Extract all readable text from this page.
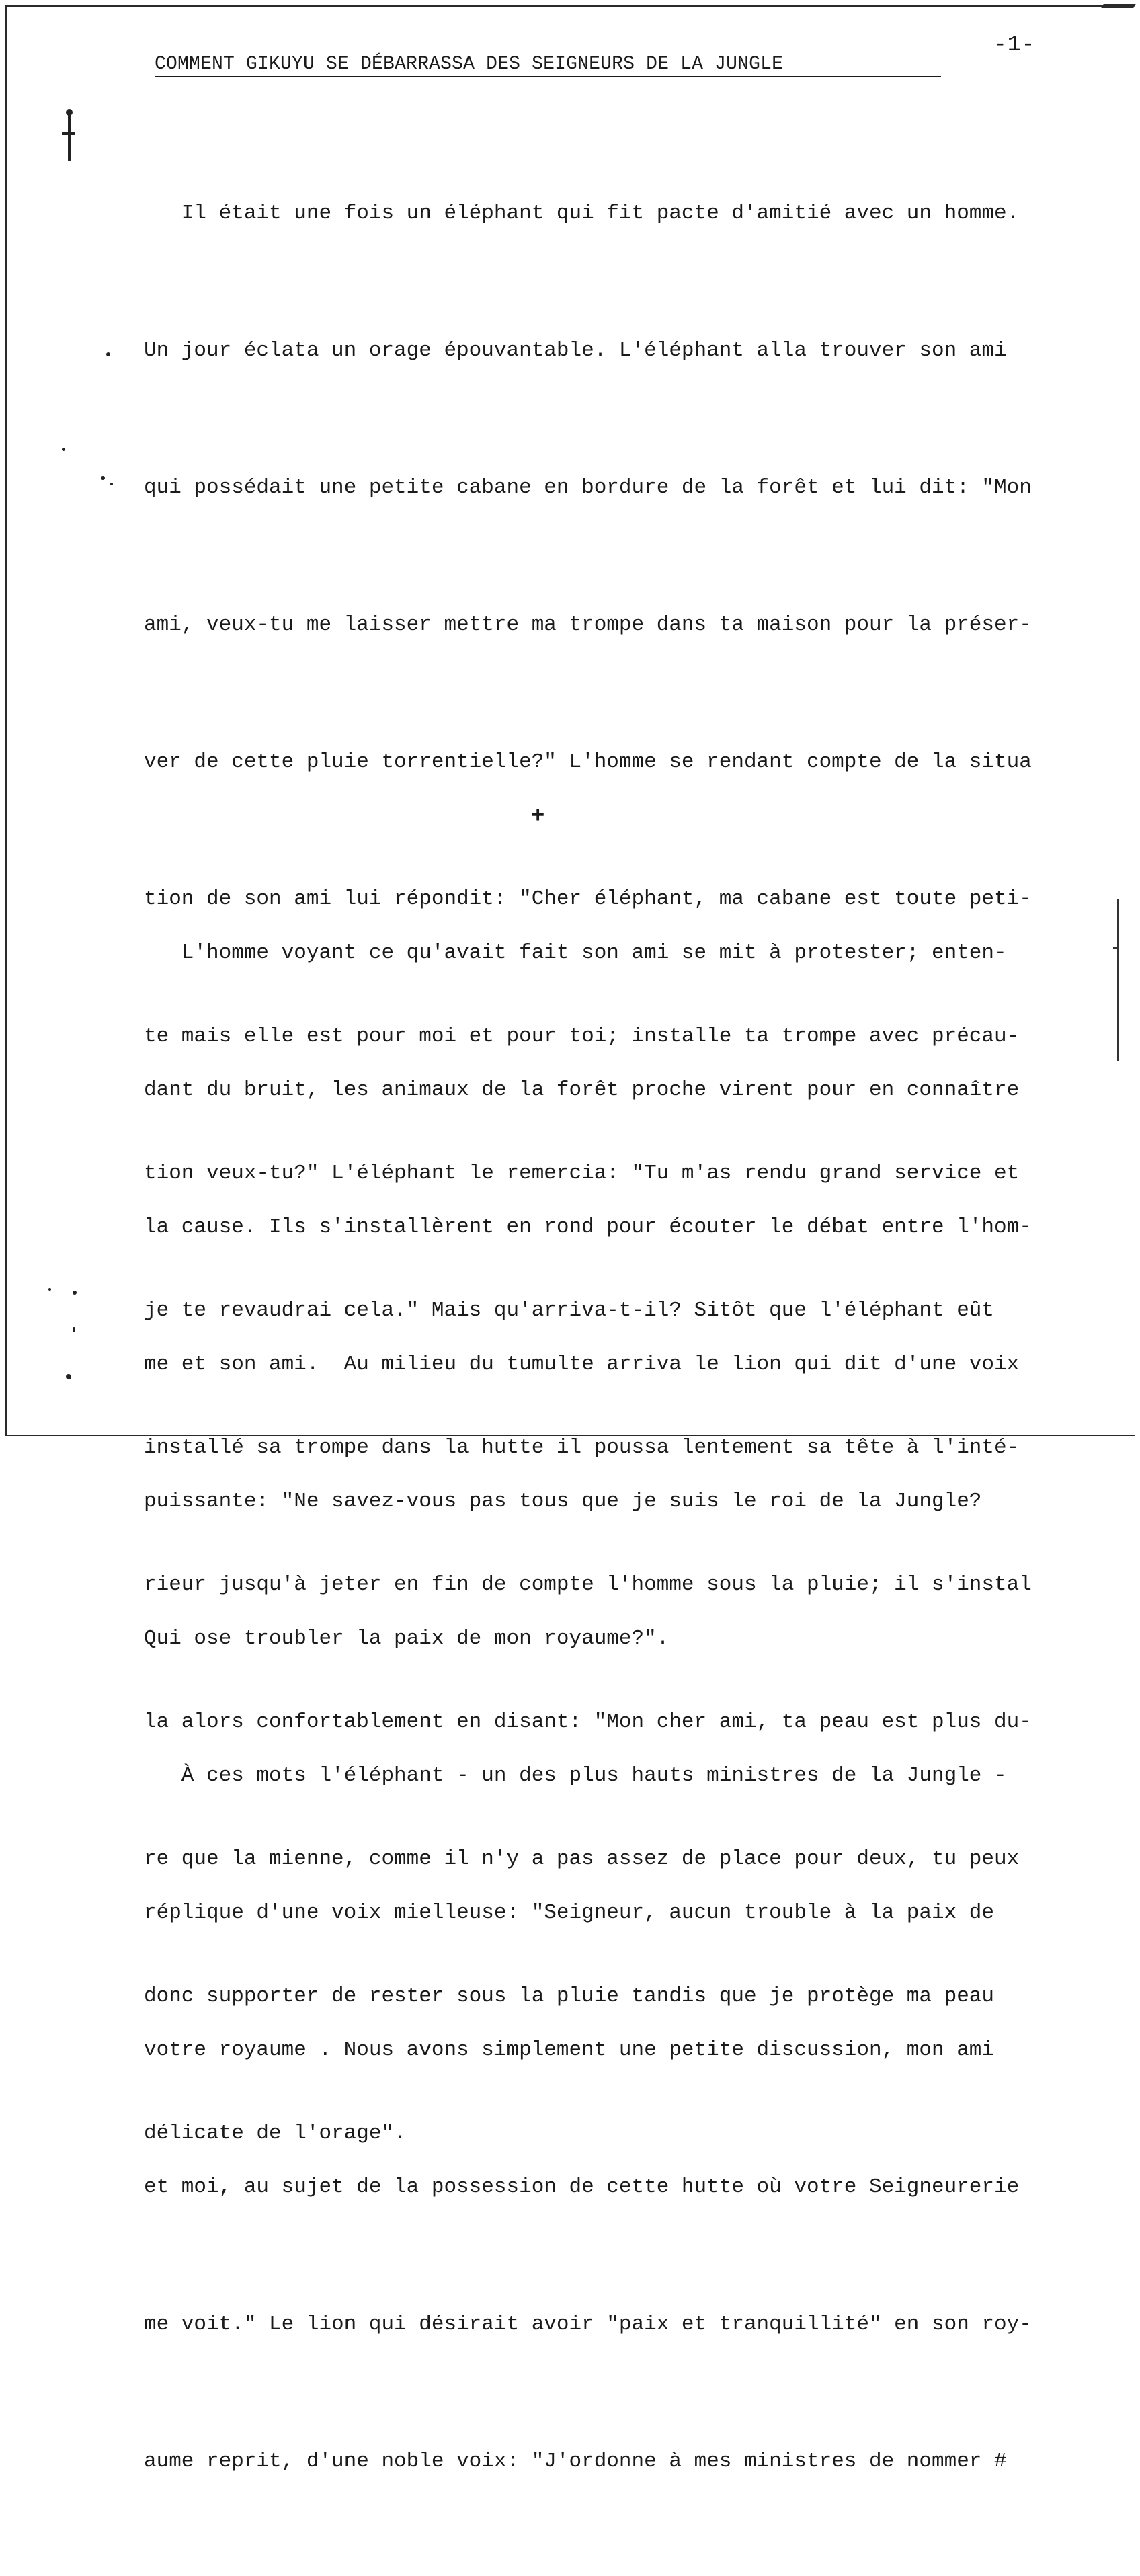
-1-
COMMENT GIKUYU SE DÉBARRASSA DES SEIGNEURS DE LA JUNGLE

Il était une fois un éléphant qui fit pacte d'amitié avec un homme.

Un jour éclata un orage épouvantable. L'éléphant alla trouver son ami

qui possédait une petite cabane en bordure de la forêt et lui dit: "Mon

ami, veux-tu me laisser mettre ma trompe dans ta maison pour la préser-

ver de cette pluie torrentielle?" L'homme se rendant compte de la situa

tion de son ami lui répondit: "Cher éléphant, ma cabane est toute peti-

te mais elle est pour moi et pour toi; installe ta trompe avec précau-

tion veux-tu?" L'éléphant le remercia: "Tu m'as rendu grand service et

je te revaudrai cela." Mais qu'arriva-t-il? Sitôt que l'éléphant eût

installé sa trompe dans la hutte il poussa lentement sa tête à l'inté-

rieur jusqu'à jeter en fin de compte l'homme sous la pluie; il s'instal

la alors confortablement en disant: "Mon cher ami, ta peau est plus du-

re que la mienne, comme il n'y a pas assez de place pour deux, tu peux

donc supporter de rester sous la pluie tandis que je protège ma peau

délicate de l'orage".

+

L'homme voyant ce qu'avait fait son ami se mit à protester; enten-

dant du bruit, les animaux de la forêt proche virent pour en connaître

la cause. Ils s'installèrent en rond pour écouter le débat entre l'hom-

me et son ami.  Au milieu du tumulte arriva le lion qui dit d'une voix

puissante: "Ne savez-vous pas tous que je suis le roi de la Jungle?

Qui ose troubler la paix de mon royaume?".

À ces mots l'éléphant - un des plus hauts ministres de la Jungle -

réplique d'une voix mielleuse: "Seigneur, aucun trouble à la paix de

votre royaume . Nous avons simplement une petite discussion, mon ami

et moi, au sujet de la possession de cette hutte où votre Seigneurerie

me voit." Le lion qui désirait avoir "paix et tranquillité" en son roy-

aume reprit, d'une noble voix: "J'ordonne à mes ministres de nommer #
